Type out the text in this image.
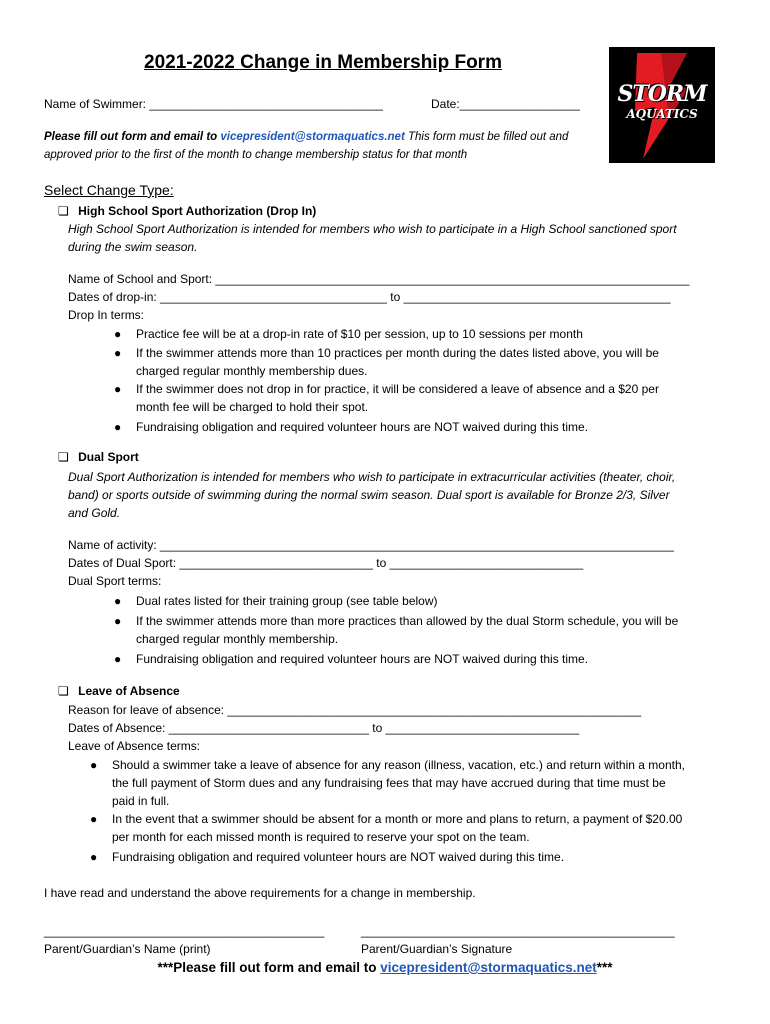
2021-2022 Change in Membership Form
Name of Swimmer: ___________________________________	Date:__________________
Please fill out form and email to vicepresident@stormaquatics.net This form must be filled out and
approved prior to the first of the month to change membership status for that month
STORM
AQUATICS
Select Change Type:
❏ High School Sport Authorization (Drop In)
High School Sport Authorization is intended for members who wish to participate in a High School sanctioned sport
during the swim season.
Name of School and Sport: _______________________________________________________________________
Dates of drop-in: __________________________________ to ________________________________________
Drop In terms:
● Practice fee will be at a drop-in rate of $10 per session, up to 10 sessions per month
● If the swimmer attends more than 10 practices per month during the dates listed above, you will be
charged regular monthly membership dues.
● If the swimmer does not drop in for practice, it will be considered a leave of absence and a $20 per
month fee will be charged to hold their spot.
● Fundraising obligation and required volunteer hours are NOT waived during this time.
❏ Dual Sport
Dual Sport Authorization is intended for members who wish to participate in extracurricular activities (theater, choir,
band) or sports outside of swimming during the normal swim season. Dual sport is available for Bronze 2/3, Silver
and Gold.
Name of activity: _____________________________________________________________________________
Dates of Dual Sport: _____________________________ to _____________________________
Dual Sport terms:
● Dual rates listed for their training group (see table below)
● If the swimmer attends more than more practices than allowed by the dual Storm schedule, you will be
charged regular monthly membership.
● Fundraising obligation and required volunteer hours are NOT waived during this time.
❏ Leave of Absence
Reason for leave of absence: ______________________________________________________________
Dates of Absence: ______________________________ to _____________________________
Leave of Absence terms:
● Should a swimmer take a leave of absence for any reason (illness, vacation, etc.) and return within a month,
the full payment of Storm dues and any fundraising fees that may have accrued during that time must be
paid in full.
● In the event that a swimmer should be absent for a month or more and plans to return, a payment of $20.00
per month for each missed month is required to reserve your spot on the team.
● Fundraising obligation and required volunteer hours are NOT waived during this time.
I have read and understand the above requirements for a change in membership.
__________________________________________	_______________________________________________
Parent/Guardian’s Name (print)	Parent/Guardian’s Signature
***Please fill out form and email to vicepresident@stormaquatics.net***
